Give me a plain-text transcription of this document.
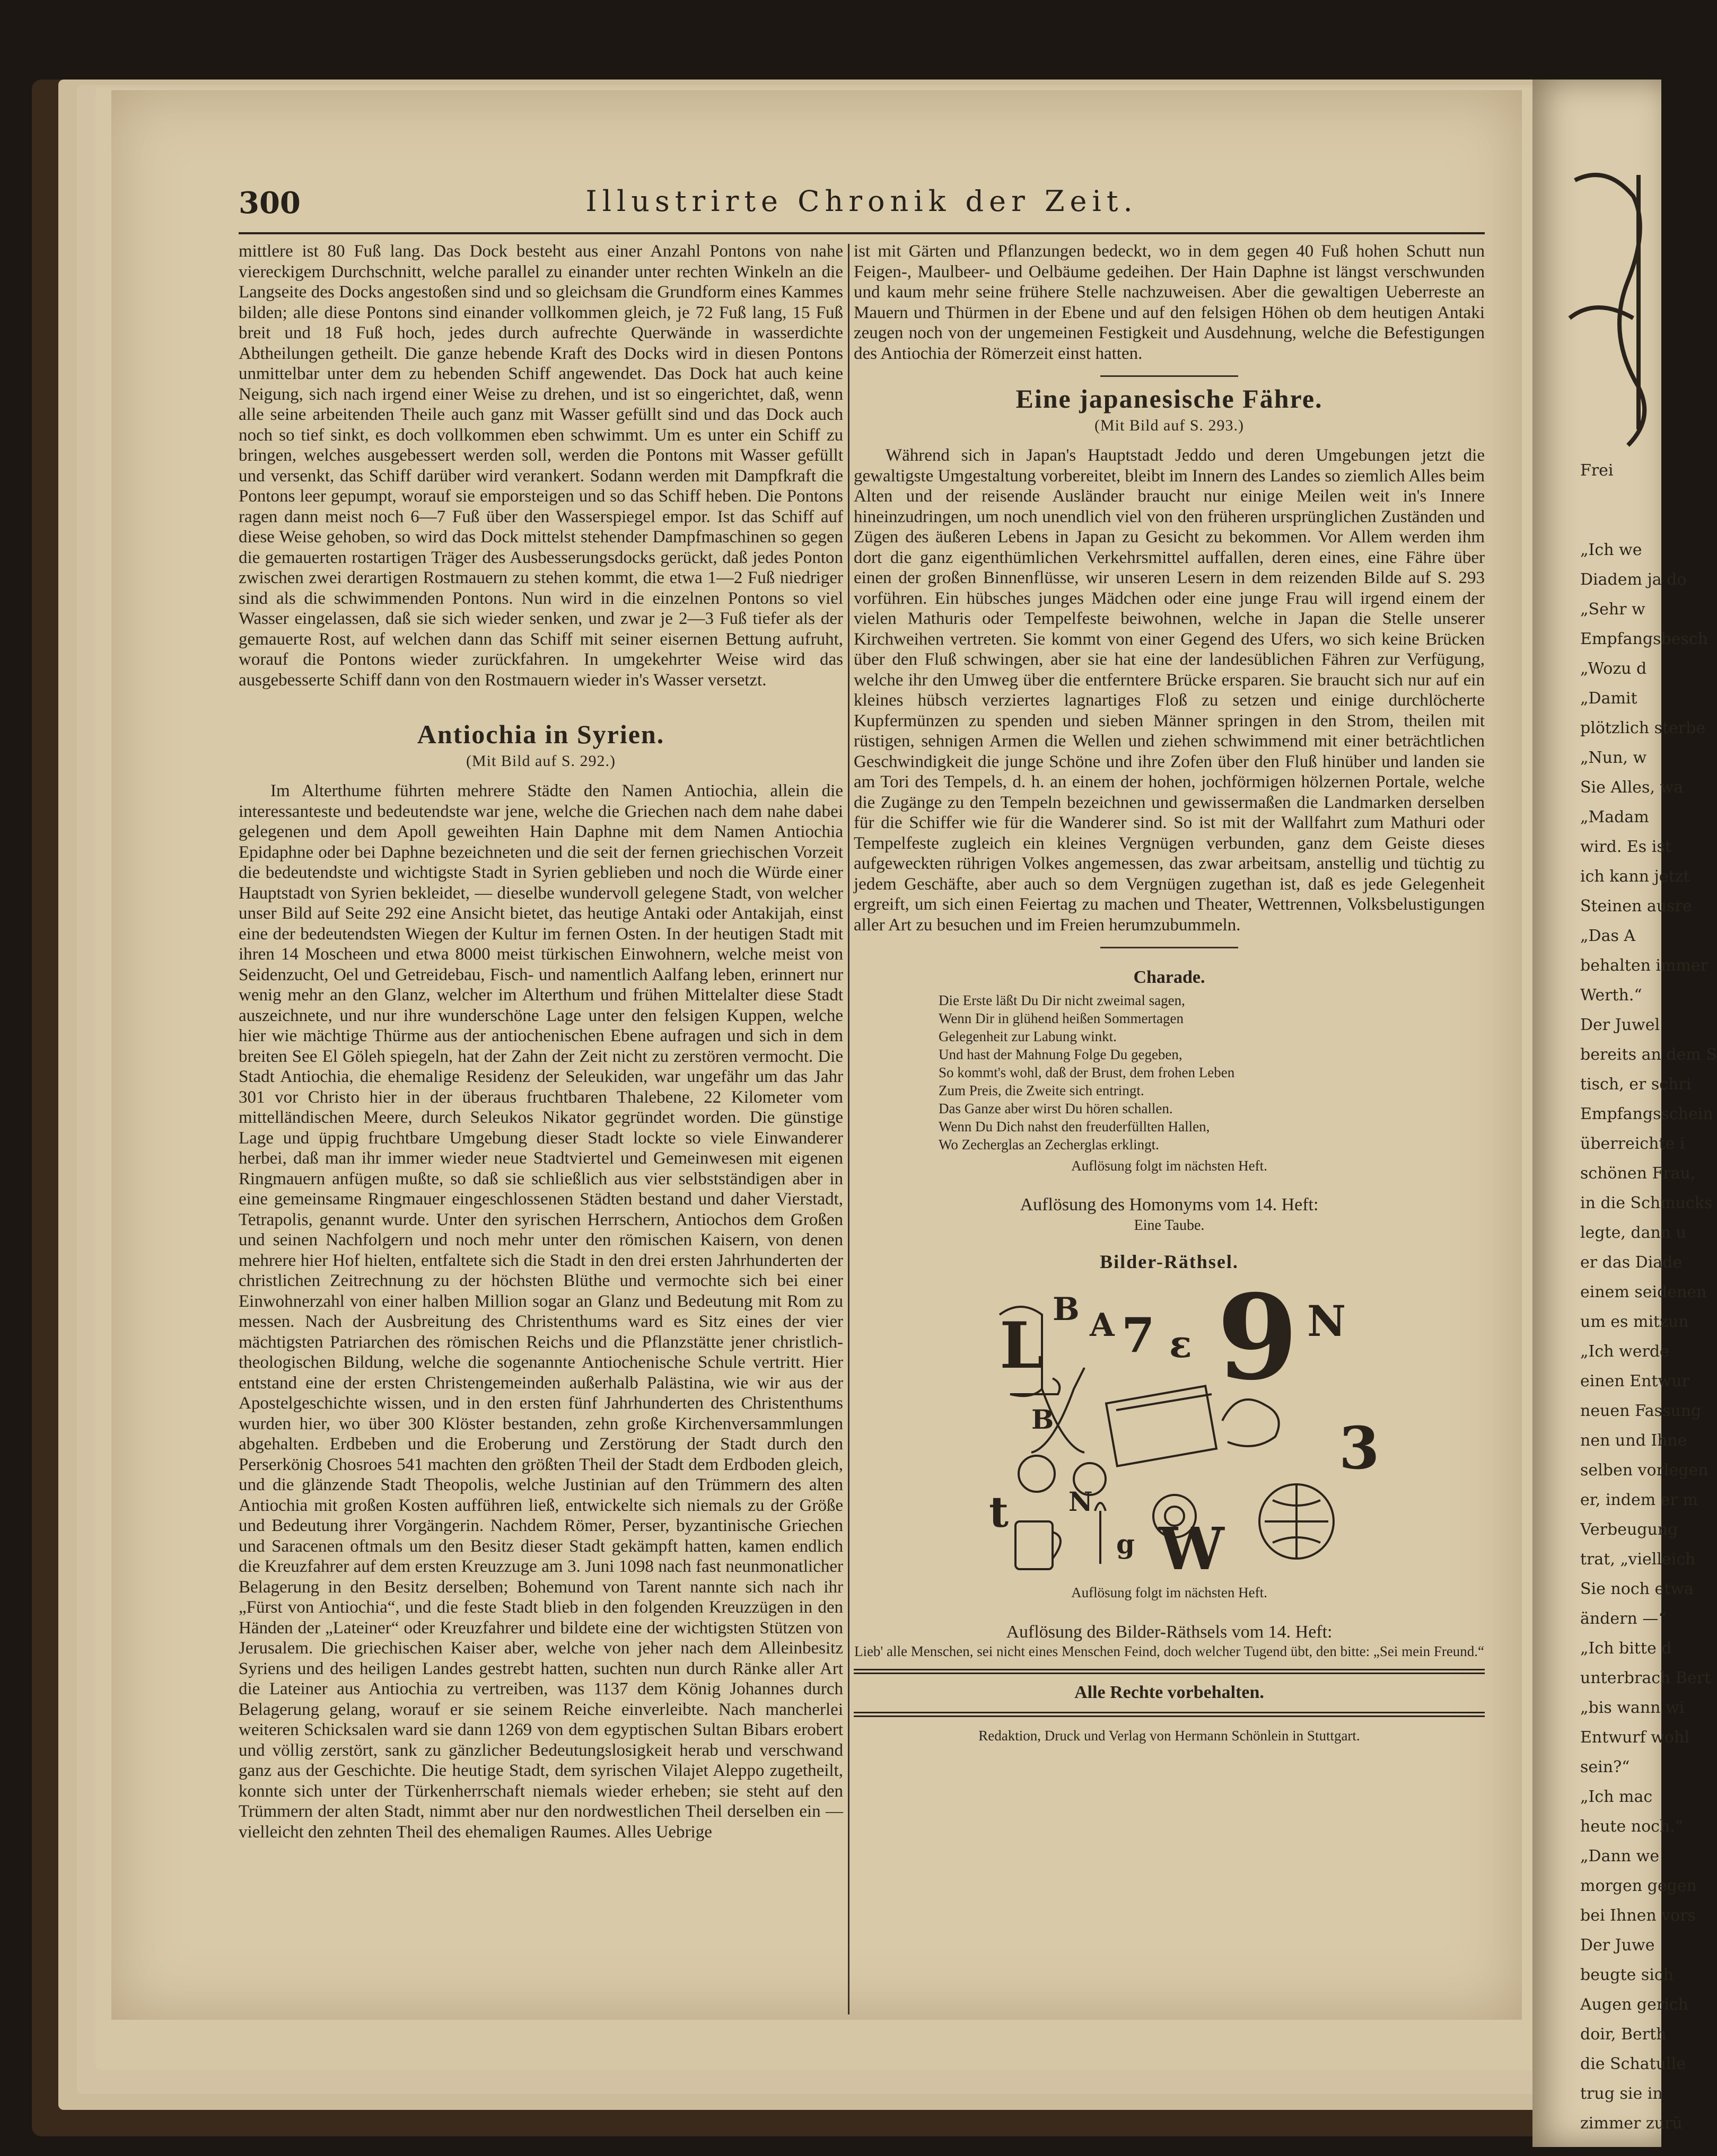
300	Illustrirte Chronik der Zeit.

mittlere ist 80 Fuß lang. Das Dock besteht aus einer Anzahl Pontons von nahe viereckigem Durchschnitt, welche parallel zu einander unter rechten Winkeln an die Langseite des Docks angestoßen sind und so gleichsam die Grundform eines Kammes bilden; alle diese Pontons sind einander vollkommen gleich, je 72 Fuß lang, 15 Fuß breit und 18 Fuß hoch, jedes durch aufrechte Querwände in wasserdichte Abtheilungen getheilt. Die ganze hebende Kraft des Docks wird in diesen Pontons unmittelbar unter dem zu hebenden Schiff angewendet. Das Dock hat auch keine Neigung, sich nach irgend einer Weise zu drehen, und ist so eingerichtet, daß, wenn alle seine arbeitenden Theile auch ganz mit Wasser gefüllt sind und das Dock auch noch so tief sinkt, es doch vollkommen eben schwimmt. Um es unter ein Schiff zu bringen, welches ausgebessert werden soll, werden die Pontons mit Wasser gefüllt und versenkt, das Schiff darüber wird verankert. Sodann werden mit Dampfkraft die Pontons leer gepumpt, worauf sie emporsteigen und so das Schiff heben. Die Pontons ragen dann meist noch 6—7 Fuß über den Wasserspiegel empor. Ist das Schiff auf diese Weise gehoben, so wird das Dock mittelst stehender Dampfmaschinen so gegen die gemauerten rostartigen Träger des Ausbesserungsdocks gerückt, daß jedes Ponton zwischen zwei derartigen Rostmauern zu stehen kommt, die etwa 1—2 Fuß niedriger sind als die schwimmenden Pontons. Nun wird in die einzelnen Pontons so viel Wasser eingelassen, daß sie sich wieder senken, und zwar je 2—3 Fuß tiefer als der gemauerte Rost, auf welchen dann das Schiff mit seiner eisernen Bettung aufruht, worauf die Pontons wieder zurückfahren. In umgekehrter Weise wird das ausgebesserte Schiff dann von den Rostmauern wieder in's Wasser versetzt.

Antiochia in Syrien.
(Mit Bild auf S. 292.)

Im Alterthume führten mehrere Städte den Namen Antiochia, allein die interessanteste und bedeutendste war jene, welche die Griechen nach dem nahe dabei gelegenen und dem Apoll geweihten Hain Daphne mit dem Namen Antiochia Epidaphne oder bei Daphne bezeichneten und die seit der fernen griechischen Vorzeit die bedeutendste und wichtigste Stadt in Syrien geblieben und noch die Würde einer Hauptstadt von Syrien bekleidet, — dieselbe wundervoll gelegene Stadt, von welcher unser Bild auf Seite 292 eine Ansicht bietet, das heutige Antaki oder Antakijah, einst eine der bedeutendsten Wiegen der Kultur im fernen Osten. In der heutigen Stadt mit ihren 14 Moscheen und etwa 8000 meist türkischen Einwohnern, welche meist von Seidenzucht, Oel und Getreidebau, Fisch- und namentlich Aalfang leben, erinnert nur wenig mehr an den Glanz, welcher im Alterthum und frühen Mittelalter diese Stadt auszeichnete, und nur ihre wunderschöne Lage unter den felsigen Kuppen, welche hier wie mächtige Thürme aus der antiochenischen Ebene aufragen und sich in dem breiten See El Göleh spiegeln, hat der Zahn der Zeit nicht zu zerstören vermocht. Die Stadt Antiochia, die ehemalige Residenz der Seleukiden, war ungefähr um das Jahr 301 vor Christo hier in der überaus fruchtbaren Thalebene, 22 Kilometer vom mittelländischen Meere, durch Seleukos Nikator gegründet worden. Die günstige Lage und üppig fruchtbare Umgebung dieser Stadt lockte so viele Einwanderer herbei, daß man ihr immer wieder neue Stadtviertel und Gemeinwesen mit eigenen Ringmauern anfügen mußte, so daß sie schließlich aus vier selbstständigen aber in eine gemeinsame Ringmauer eingeschlossenen Städten bestand und daher Vierstadt, Tetrapolis, genannt wurde. Unter den syrischen Herrschern, Antiochos dem Großen und seinen Nachfolgern und noch mehr unter den römischen Kaisern, von denen mehrere hier Hof hielten, entfaltete sich die Stadt in den drei ersten Jahrhunderten der christlichen Zeitrechnung zu der höchsten Blüthe und vermochte sich bei einer Einwohnerzahl von einer halben Million sogar an Glanz und Bedeutung mit Rom zu messen. Nach der Ausbreitung des Christenthums ward es Sitz eines der vier mächtigsten Patriarchen des römischen Reichs und die Pflanzstätte jener christlich-theologischen Bildung, welche die sogenannte Antiochenische Schule vertritt. Hier entstand eine der ersten Christengemeinden außerhalb Palästina, wie wir aus der Apostelgeschichte wissen, und in den ersten fünf Jahrhunderten des Christenthums wurden hier, wo über 300 Klöster bestanden, zehn große Kirchenversammlungen abgehalten. Erdbeben und die Eroberung und Zerstörung der Stadt durch den Perserkönig Chosroes 541 machten den größten Theil der Stadt dem Erdboden gleich, und die glänzende Stadt Theopolis, welche Justinian auf den Trümmern des alten Antiochia mit großen Kosten aufführen ließ, entwickelte sich niemals zu der Größe und Bedeutung ihrer Vorgängerin. Nachdem Römer, Perser, byzantinische Griechen und Saracenen oftmals um den Besitz dieser Stadt gekämpft hatten, kamen endlich die Kreuzfahrer auf dem ersten Kreuzzuge am 3. Juni 1098 nach fast neunmonatlicher Belagerung in den Besitz derselben; Bohemund von Tarent nannte sich nach ihr „Fürst von Antiochia“, und die feste Stadt blieb in den folgenden Kreuzzügen in den Händen der „Lateiner“ oder Kreuzfahrer und bildete eine der wichtigsten Stützen von Jerusalem. Die griechischen Kaiser aber, welche von jeher nach dem Alleinbesitz Syriens und des heiligen Landes gestrebt hatten, suchten nun durch Ränke aller Art die Lateiner aus Antiochia zu vertreiben, was 1137 dem König Johannes durch Belagerung gelang, worauf er sie seinem Reiche einverleibte. Nach mancherlei weiteren Schicksalen ward sie dann 1269 von dem egyptischen Sultan Bibars erobert und völlig zerstört, sank zu gänzlicher Bedeutungslosigkeit herab und verschwand ganz aus der Geschichte. Die heutige Stadt, dem syrischen Vilajet Aleppo zugetheilt, konnte sich unter der Türkenherrschaft niemals wieder erheben; sie steht auf den Trümmern der alten Stadt, nimmt aber nur den nordwestlichen Theil derselben ein — vielleicht den zehnten Theil des ehemaligen Raumes. Alles Uebrige

ist mit Gärten und Pflanzungen bedeckt, wo in dem gegen 40 Fuß hohen Schutt nun Feigen-, Maulbeer- und Oelbäume gedeihen. Der Hain Daphne ist längst verschwunden und kaum mehr seine frühere Stelle nachzuweisen. Aber die gewaltigen Ueberreste an Mauern und Thürmen in der Ebene und auf den felsigen Höhen ob dem heutigen Antaki zeugen noch von der ungemeinen Festigkeit und Ausdehnung, welche die Befestigungen des Antiochia der Römerzeit einst hatten.

Eine japanesische Fähre.
(Mit Bild auf S. 293.)

Während sich in Japan's Hauptstadt Jeddo und deren Umgebungen jetzt die gewaltigste Umgestaltung vorbereitet, bleibt im Innern des Landes so ziemlich Alles beim Alten und der reisende Ausländer braucht nur einige Meilen weit in's Innere hineinzudringen, um noch unendlich viel von den früheren ursprünglichen Zuständen und Zügen des äußeren Lebens in Japan zu Gesicht zu bekommen. Vor Allem werden ihm dort die ganz eigenthümlichen Verkehrsmittel auffallen, deren eines, eine Fähre über einen der großen Binnenflüsse, wir unseren Lesern in dem reizenden Bilde auf S. 293 vorführen. Ein hübsches junges Mädchen oder eine junge Frau will irgend einem der vielen Mathuris oder Tempelfeste beiwohnen, welche in Japan die Stelle unserer Kirchweihen vertreten. Sie kommt von einer Gegend des Ufers, wo sich keine Brücken über den Fluß schwingen, aber sie hat eine der landesüblichen Fähren zur Verfügung, welche ihr den Umweg über die entferntere Brücke ersparen. Sie braucht sich nur auf ein kleines hübsch verziertes lagnartiges Floß zu setzen und einige durchlöcherte Kupfermünzen zu spenden und sieben Männer springen in den Strom, theilen mit rüstigen, sehnigen Armen die Wellen und ziehen schwimmend mit einer beträchtlichen Geschwindigkeit die junge Schöne und ihre Zofen über den Fluß hinüber und landen sie am Tori des Tempels, d. h. an einem der hohen, jochförmigen hölzernen Portale, welche die Zugänge zu den Tempeln bezeichnen und gewissermaßen die Landmarken derselben für die Schiffer wie für die Wanderer sind. So ist mit der Wallfahrt zum Mathuri oder Tempelfeste zugleich ein kleines Vergnügen verbunden, ganz dem Geiste dieses aufgeweckten rührigen Volkes angemessen, das zwar arbeitsam, anstellig und tüchtig zu jedem Geschäfte, aber auch so dem Vergnügen zugethan ist, daß es jede Gelegenheit ergreift, um sich einen Feiertag zu machen und Theater, Wettrennen, Volksbelustigungen aller Art zu besuchen und im Freien herumzubummeln.

Charade.
Die Erste läßt Du Dir nicht zweimal sagen,
Wenn Dir in glühend heißen Sommertagen
Gelegenheit zur Labung winkt.
Und hast der Mahnung Folge Du gegeben,
So kommt's wohl, daß der Brust, dem frohen Leben
Zum Preis, die Zweite sich entringt.
Das Ganze aber wirst Du hören schallen.
Wenn Du Dich nahst den freuderfüllten Hallen,
Wo Zecherglas an Zecherglas erklingt.
Auflösung folgt im nächsten Heft.
Auflösung des Homonyms vom 14. Heft:
Eine Taube.
Bilder-Räthsel.
B A 7 ε 9 N
3
L
B
t N
g W
Auflösung folgt im nächsten Heft.
Auflösung des Bilder-Räthsels vom 14. Heft:
Lieb' alle Menschen, sei nicht eines Menschen Feind, doch welcher Tugend übt, den bitte: „Sei mein Freund.“
Alle Rechte vorbehalten.
Redaktion, Druck und Verlag von Hermann Schönlein in Stuttgart.
Frei
„Ich we
Diadem ja do
„Sehr w
Empfangsbesch
„Wozu d
„Damit
plötzlich sterbe
„Nun, w
Sie Alles, wa
„Madam
wird. Es ist
ich kann jetzt
Steinen ausre
„Das A
behalten immer
Werth.“
Der Juwel
bereits an dem S
tisch, er schri
Empfangsschein
überreichte i
schönen Frau,
in die Schmucks
legte, dann u
er das Diade
einem seidenen
um es mitzun
„Ich werde
einen Entwur
neuen Fassung
nen und Ihne
selben vorlegen
er, indem er m
Verbeugung
trat, „vielleich
Sie noch etwa
ändern —“
„Ich bitte d
unterbrach Bert
„bis wann wi
Entwurf wohl
sein?“
„Ich mac
heute noch.“
„Dann we
morgen gegen
bei Ihnen vors
Der Juwe
beugte sich
Augen gerich
doir, Berth
die Schatulle
trug sie in
zimmer zurü
